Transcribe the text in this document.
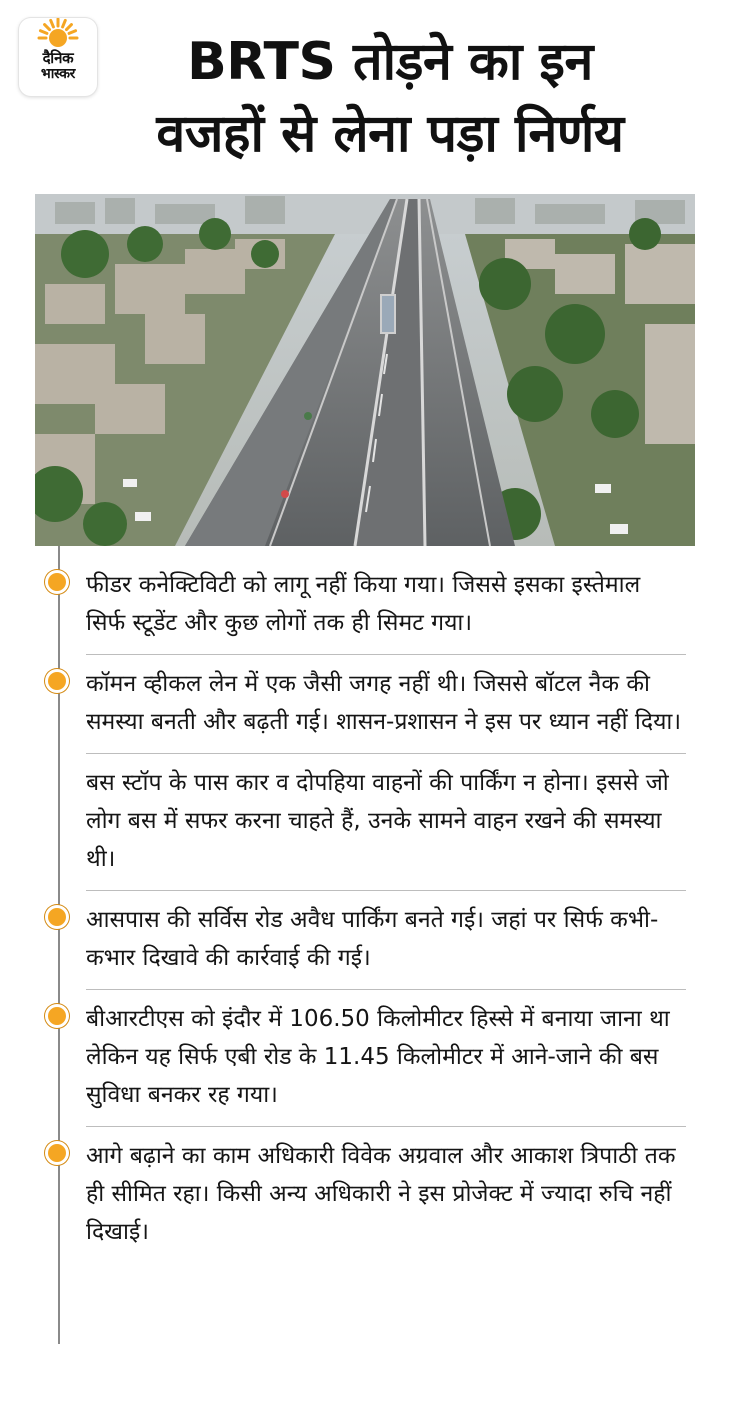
दैनिक
भास्कर	BRTS तोड़ने का इन
वजहों से लेना पड़ा निर्णय

फीडर कनेक्टिविटी को लागू नहीं किया गया। जिससे इसका इस्तेमाल सिर्फ स्टूडेंट और कुछ लोगों तक ही सिमट गया।

कॉमन व्हीकल लेन में एक जैसी जगह नहीं थी। जिससे बॉटल नैक की समस्या बनती और बढ़ती गई। शासन-प्रशासन ने इस पर ध्यान नहीं दिया।

बस स्टॉप के पास कार व दोपहिया वाहनों की पार्किंग न होना। इससे जो लोग बस में सफर करना चाहते हैं, उनके सामने वाहन रखने की समस्या थी।

आसपास की सर्विस रोड अवैध पार्किंग बनते गई। जहां पर सिर्फ कभी-कभार दिखावे की कार्रवाई की गई।

बीआरटीएस को इंदौर में 106.50 किलोमीटर हिस्से में बनाया जाना था लेकिन यह सिर्फ एबी रोड के 11.45 किलोमीटर में आने-जाने की बस सुविधा बनकर रह गया।

आगे बढ़ाने का काम अधिकारी विवेक अग्रवाल और आकाश त्रिपाठी तक ही सीमित रहा। किसी अन्य अधिकारी ने इस प्रोजेक्ट में ज्यादा रुचि नहीं दिखाई।
